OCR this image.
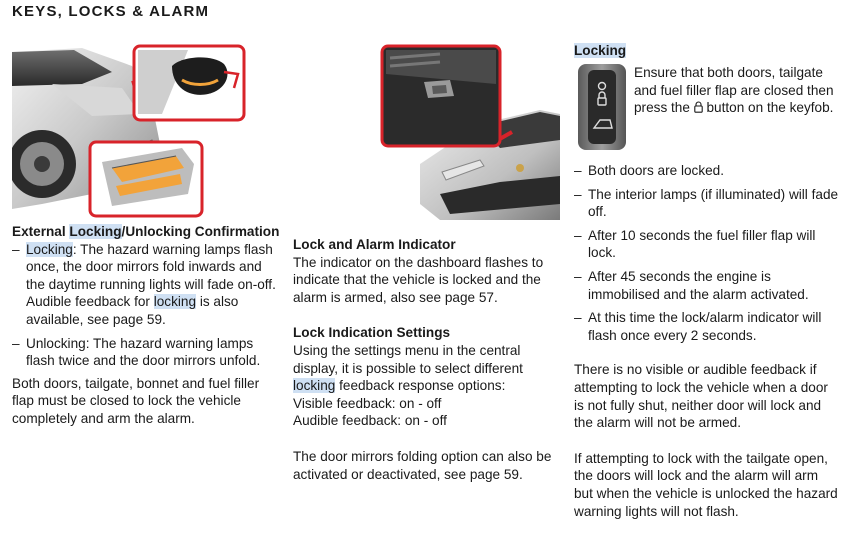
KEYS, LOCKS & ALARM

External Locking/Unlocking Confirmation

– Locking: The hazard warning lamps flash once, the door mirrors fold inwards and the daytime running lights will fade on-off. Audible feedback for locking is also available, see page 59.
– Unlocking: The hazard warning lamps flash twice and the door mirrors unfold.

Both doors, tailgate, bonnet and fuel filler flap must be closed to lock the vehicle completely and arm the alarm.

Lock and Alarm Indicator

The indicator on the dashboard flashes to indicate that the vehicle is locked and the alarm is armed, also see page 57.

Lock Indication Settings

Using the settings menu in the central display, it is possible to select different locking feedback response options:

Visible feedback: on - off

Audible feedback: on - off

The door mirrors folding option can also be activated or deactivated, see page 59.

Locking
Ensure that both doors, tailgate and fuel filler flap are closed then press the
button on the keyfob.
– Both doors are locked.
– The interior lamps (if illuminated) will fade off.
– After 10 seconds the fuel filler flap will lock.
– After 45 seconds the engine is immobilised and the alarm activated.
– At this time the lock/alarm indicator will flash once every 2 seconds.

There is no visible or audible feedback if attempting to lock the vehicle when a door is not fully shut, neither door will lock and the alarm will not be armed.

If attempting to lock with the tailgate open, the doors will lock and the alarm will arm but when the vehicle is unlocked the hazard warning lights will not flash.
